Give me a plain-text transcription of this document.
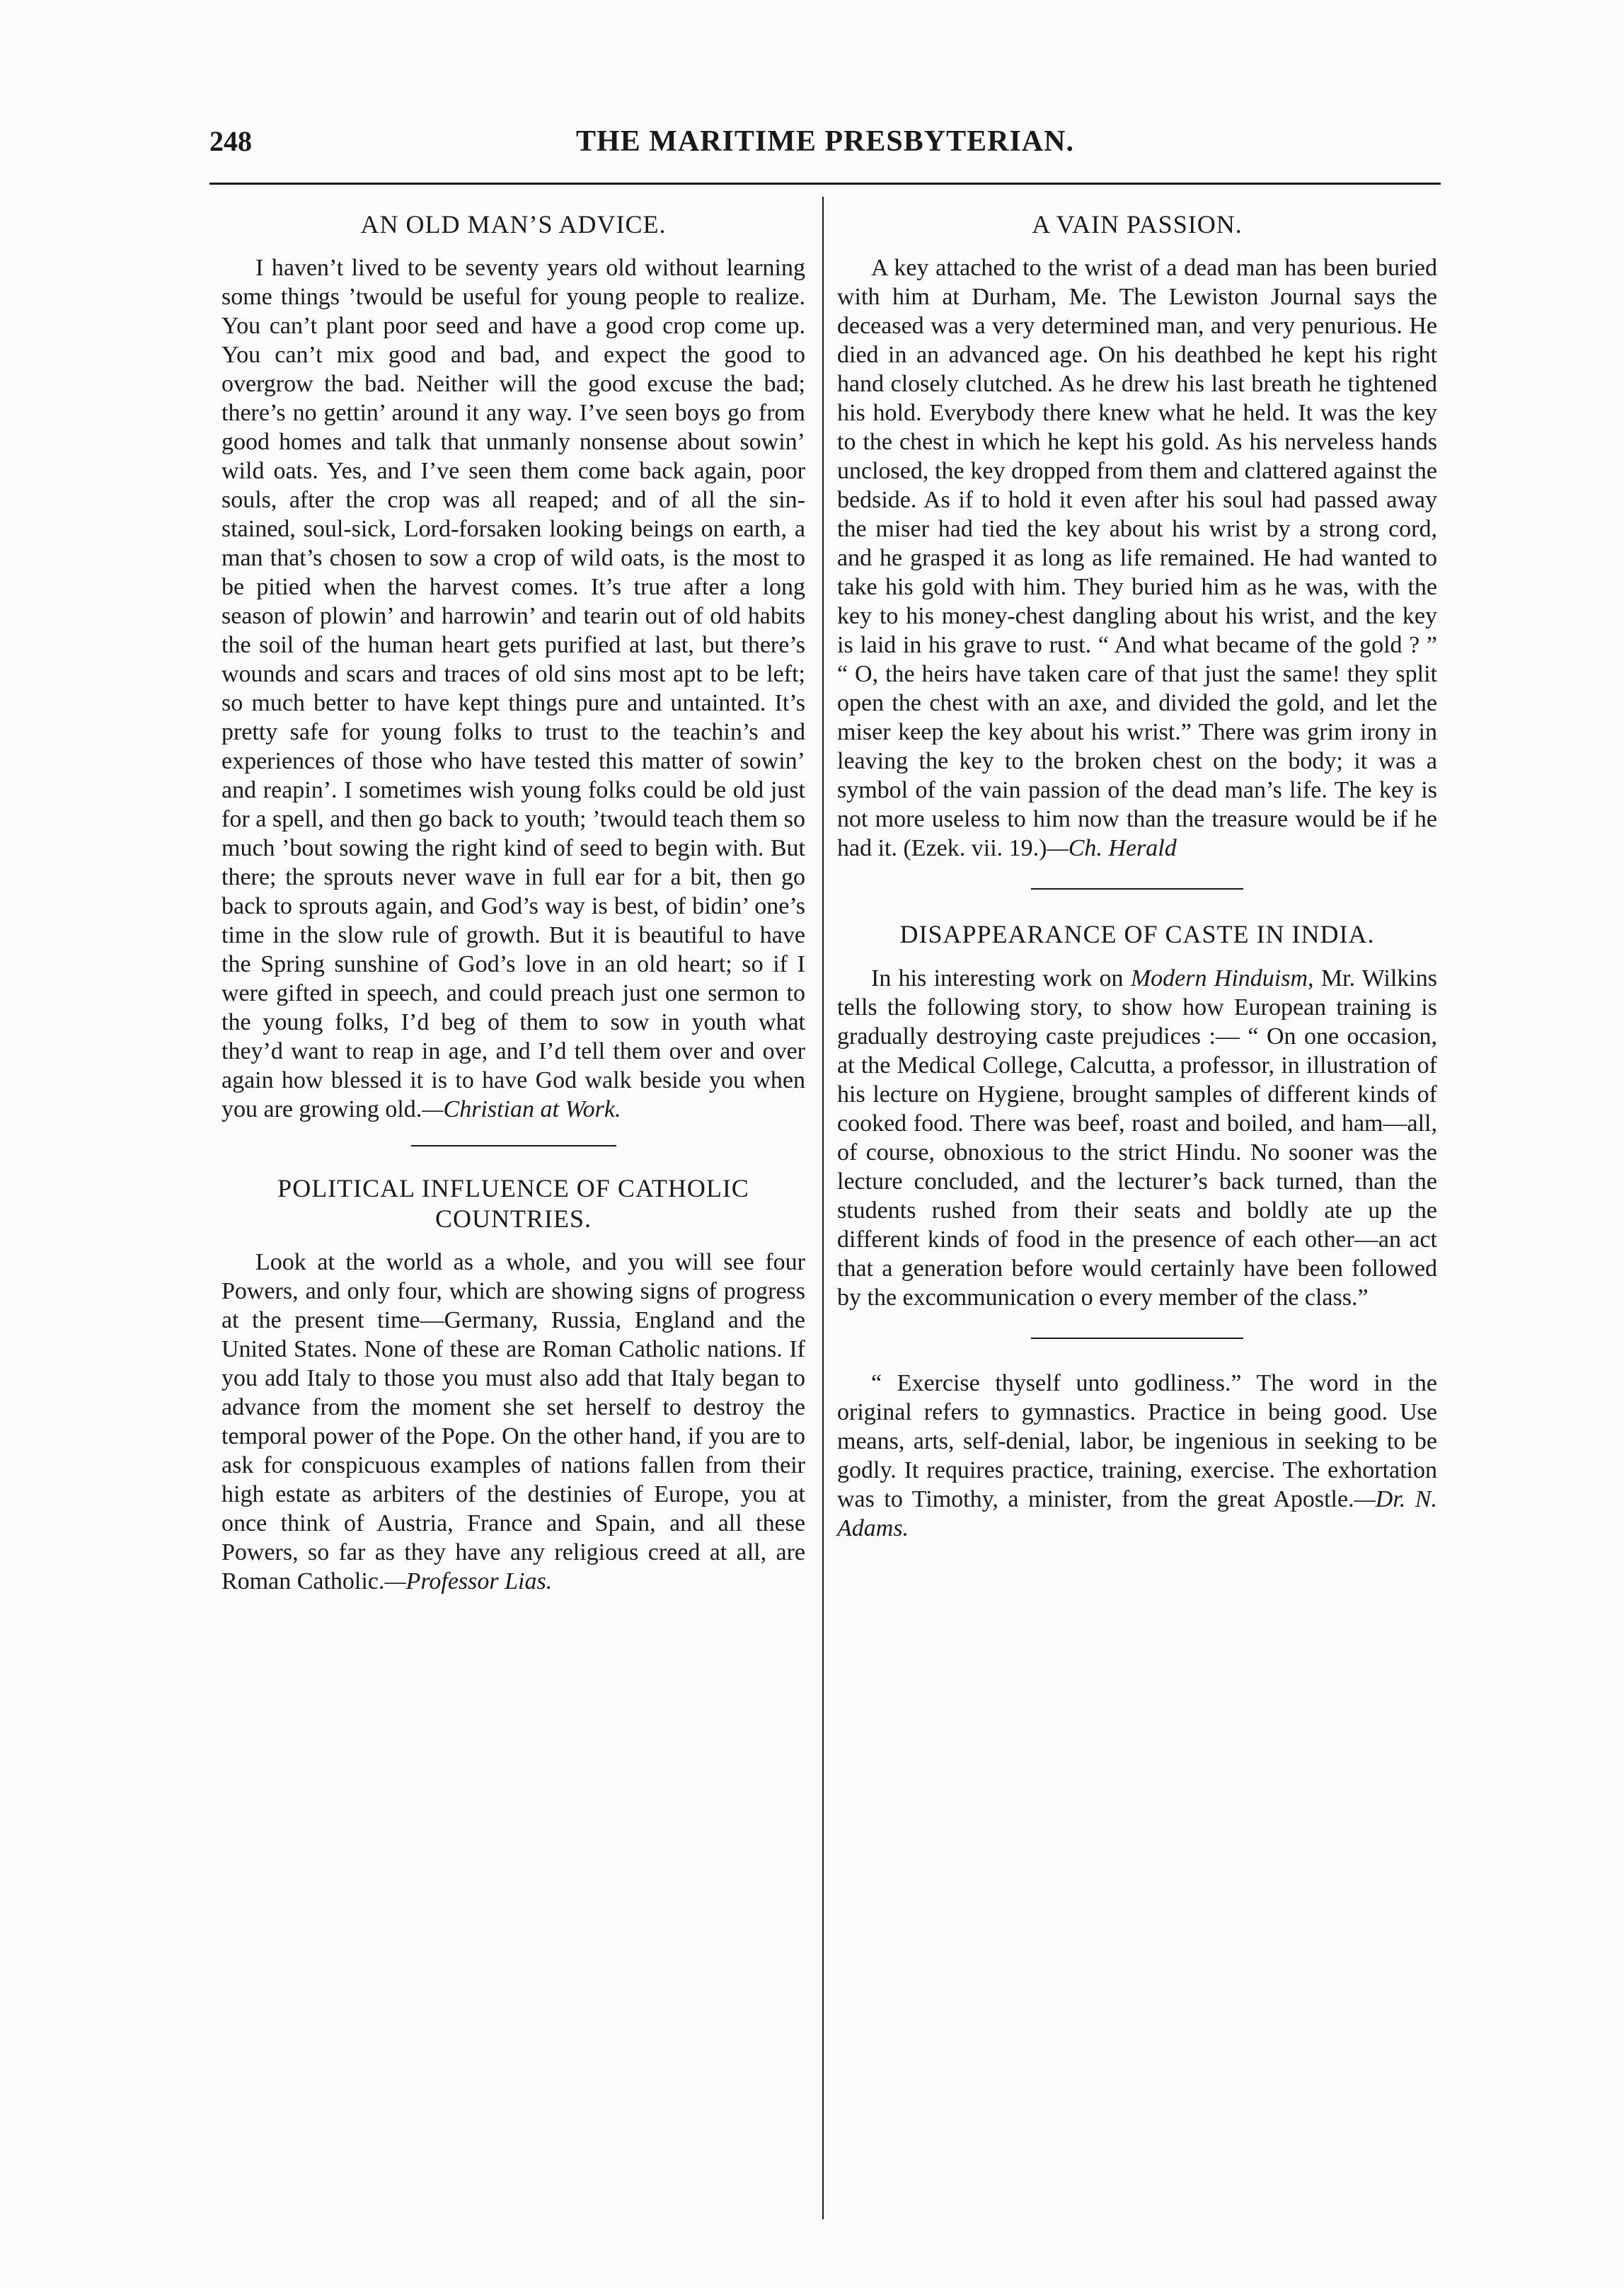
248	THE MARITIME PRESBYTERIAN.
AN OLD MAN’S ADVICE.

I haven’t lived to be seventy years old without learning some things ’twould be useful for young people to realize. You can’t plant poor seed and have a good crop come up. You can’t mix good and bad, and expect the good to overgrow the bad. Neither will the good excuse the bad; there’s no gettin’ around it any way. I’ve seen boys go from good homes and talk that unmanly nonsense about sowin’ wild oats. Yes, and I’ve seen them come back again, poor souls, after the crop was all reaped; and of all the sin-stained, soul-sick, Lord-forsaken looking beings on earth, a man that’s chosen to sow a crop of wild oats, is the most to be pitied when the harvest comes. It’s true after a long season of plowin’ and harrowin’ and tearin out of old habits the soil of the human heart gets purified at last, but there’s wounds and scars and traces of old sins most apt to be left; so much better to have kept things pure and untainted. It’s pretty safe for young folks to trust to the teachin’s and experiences of those who have tested this matter of sowin’ and reapin’. I sometimes wish young folks could be old just for a spell, and then go back to youth; ’twould teach them so much ’bout sowing the right kind of seed to begin with. But there; the sprouts never wave in full ear for a bit, then go back to sprouts again, and God’s way is best, of bidin’ one’s time in the slow rule of growth. But it is beautiful to have the Spring sunshine of God’s love in an old heart; so if I were gifted in speech, and could preach just one sermon to the young folks, I’d beg of them to sow in youth what they’d want to reap in age, and I’d tell them over and over again how blessed it is to have God walk beside you when you are growing old.—Christian at Work.

POLITICAL INFLUENCE OF CATHOLIC COUNTRIES.

Look at the world as a whole, and you will see four Powers, and only four, which are showing signs of progress at the present time—Germany, Russia, England and the United States. None of these are Roman Catholic nations. If you add Italy to those you must also add that Italy began to advance from the moment she set herself to destroy the temporal power of the Pope. On the other hand, if you are to ask for conspicuous examples of nations fallen from their high estate as arbiters of the destinies of Europe, you at once think of Austria, France and Spain, and all these Powers, so far as they have any religious creed at all, are Roman Catholic.—Professor Lias.

A VAIN PASSION.

A key attached to the wrist of a dead man has been buried with him at Durham, Me. The Lewiston Journal says the deceased was a very determined man, and very penurious. He died in an advanced age. On his deathbed he kept his right hand closely clutched. As he drew his last breath he tightened his hold. Everybody there knew what he held. It was the key to the chest in which he kept his gold. As his nerveless hands unclosed, the key dropped from them and clattered against the bedside. As if to hold it even after his soul had passed away the miser had tied the key about his wrist by a strong cord, and he grasped it as long as life remained. He had wanted to take his gold with him. They buried him as he was, with the key to his money-chest dangling about his wrist, and the key is laid in his grave to rust. “ And what became of the gold ? ” “ O, the heirs have taken care of that just the same! they split open the chest with an axe, and divided the gold, and let the miser keep the key about his wrist.” There was grim irony in leaving the key to the broken chest on the body; it was a symbol of the vain passion of the dead man’s life. The key is not more useless to him now than the treasure would be if he had it. (Ezek. vii. 19.)—Ch. Herald

DISAPPEARANCE OF CASTE IN INDIA.

In his interesting work on Modern Hinduism, Mr. Wilkins tells the following story, to show how European training is gradually destroying caste prejudices :— “ On one occasion, at the Medical College, Calcutta, a professor, in illustration of his lecture on Hygiene, brought samples of different kinds of cooked food. There was beef, roast and boiled, and ham—all, of course, obnoxious to the strict Hindu. No sooner was the lecture concluded, and the lecturer’s back turned, than the students rushed from their seats and boldly ate up the different kinds of food in the presence of each other—an act that a generation before would certainly have been followed by the excommunication o every member of the class.”

“ Exercise thyself unto godliness.” The word in the original refers to gymnastics. Practice in being good. Use means, arts, self-denial, labor, be ingenious in seeking to be godly. It requires practice, training, exercise. The exhortation was to Timothy, a minister, from the great Apostle.—Dr. N. Adams.
